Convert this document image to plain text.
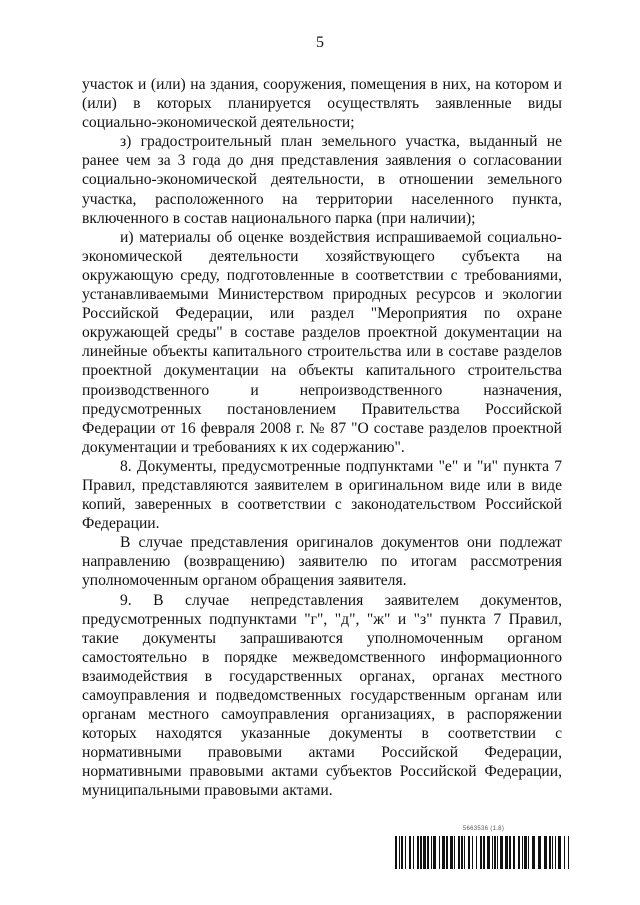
5

участок и (или) на здания, сооружения, помещения в них, на котором и (или) в которых планируется осуществлять заявленные виды социально-экономической деятельности;

з) градостроительный план земельного участка, выданный не ранее чем за 3 года до дня представления заявления о согласовании социально-экономической деятельности, в отношении земельного участка, расположенного на территории населенного пункта, включенного в состав национального парка (при наличии);

и) материалы об оценке воздействия испрашиваемой социально-экономической деятельности хозяйствующего субъекта на окружающую среду, подготовленные в соответствии с требованиями, устанавливаемыми Министерством природных ресурсов и экологии Российской Федерации, или раздел "Мероприятия по охране окружающей среды" в составе разделов проектной документации на линейные объекты капитального строительства или в составе разделов проектной документации на объекты капитального строительства производственного и непроизводственного назначения, предусмотренных постановлением Правительства Российской Федерации от 16 февраля 2008 г. № 87 "О составе разделов проектной документации и требованиях к их содержанию".

8. Документы, предусмотренные подпунктами "е" и "и" пункта 7 Правил, представляются заявителем в оригинальном виде или в виде копий, заверенных в соответствии с законодательством Российской Федерации.

В случае представления оригиналов документов они подлежат направлению (возвращению) заявителю по итогам рассмотрения уполномоченным органом обращения заявителя.

9. В случае непредставления заявителем документов, предусмотренных подпунктами "г", "д", "ж" и "з" пункта 7 Правил, такие документы запрашиваются уполномоченным органом самостоятельно в порядке межведомственного информационного взаимодействия в государственных органах, органах местного самоуправления и подведомственных государственным органам или органам местного самоуправления организациях, в распоряжении которых находятся указанные документы в соответствии с нормативными правовыми актами Российской Федерации, нормативными правовыми актами субъектов Российской Федерации, муниципальными правовыми актами.

5663536 (1.8)
